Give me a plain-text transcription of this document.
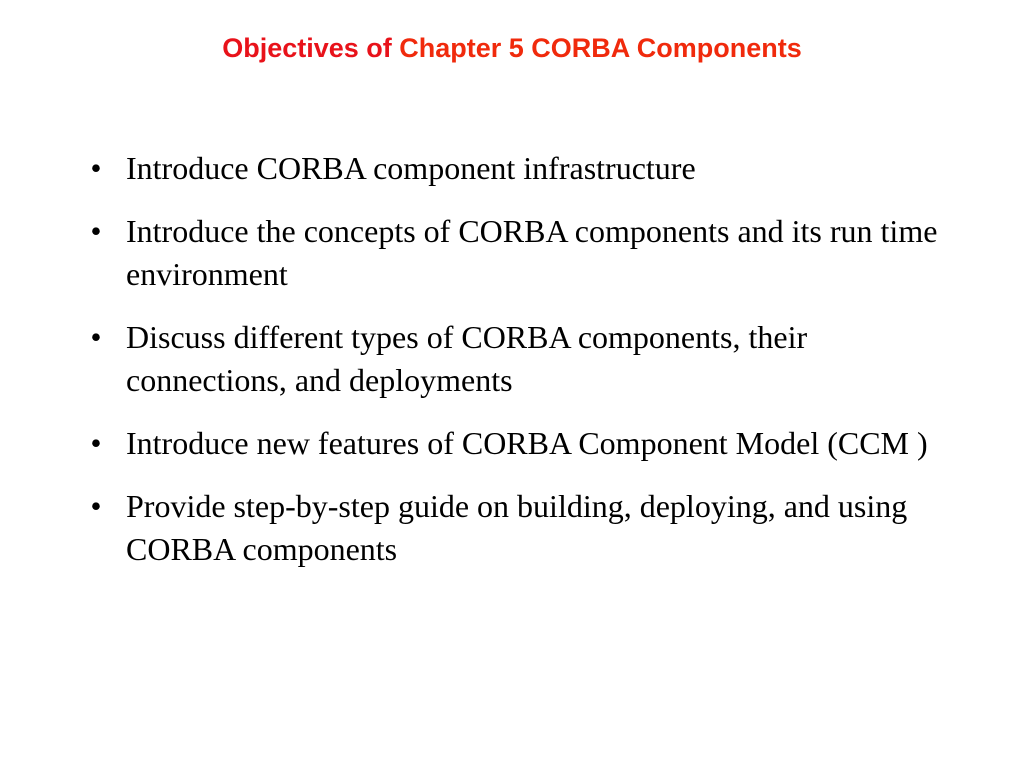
Objectives of Chapter 5 CORBA Components
• Introduce CORBA component infrastructure
• Introduce the concepts of CORBA components and its run time environment
• Discuss different types of CORBA components, their connections, and deployments
• Introduce new features of CORBA Component Model (CCM )
• Provide step-by-step guide on building, deploying, and using CORBA components
